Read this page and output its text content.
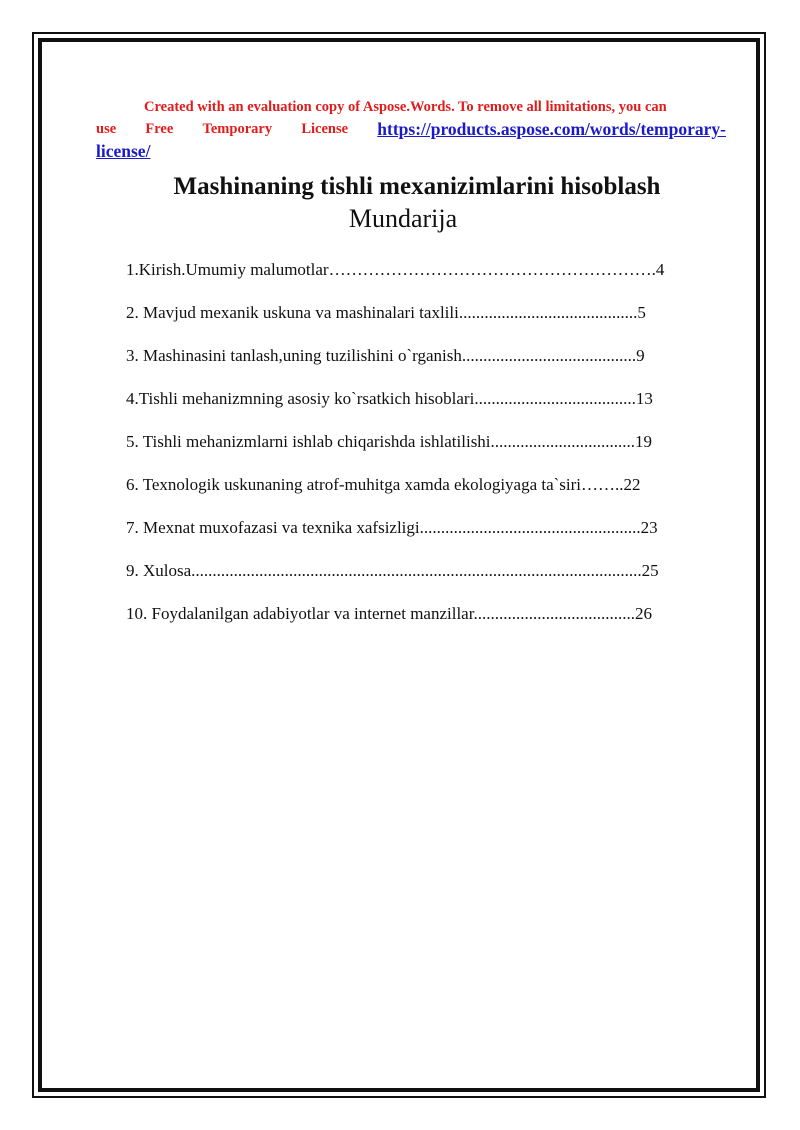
Created with an evaluation copy of Aspose.Words. To remove all limitations, you can
use Free Temporary License https://products.aspose.com/words/temporary-
license/
Mashinaning tishli mexanizimlarini hisoblash
Mundarija
1.Kirish.Umumiy malumotlar………………………………………………….4
2. Mavjud mexanik uskuna va mashinalari taxlili..........................................5
3. Mashinasini tanlash,uning tuzilishini o`rganish.........................................9
4.Tishli mehanizmning asosiy ko`rsatkich hisoblari......................................13
5. Tishli mehanizmlarni ishlab chiqarishda ishlatilishi..................................19
6. Texnologik uskunaning atrof-muhitga xamda ekologiyaga ta`siri……..22
7. Mexnat muxofazasi va texnika xafsizligi....................................................23
9. Xulosa..........................................................................................................25
10. Foydalanilgan adabiyotlar va internet manzillar......................................26
